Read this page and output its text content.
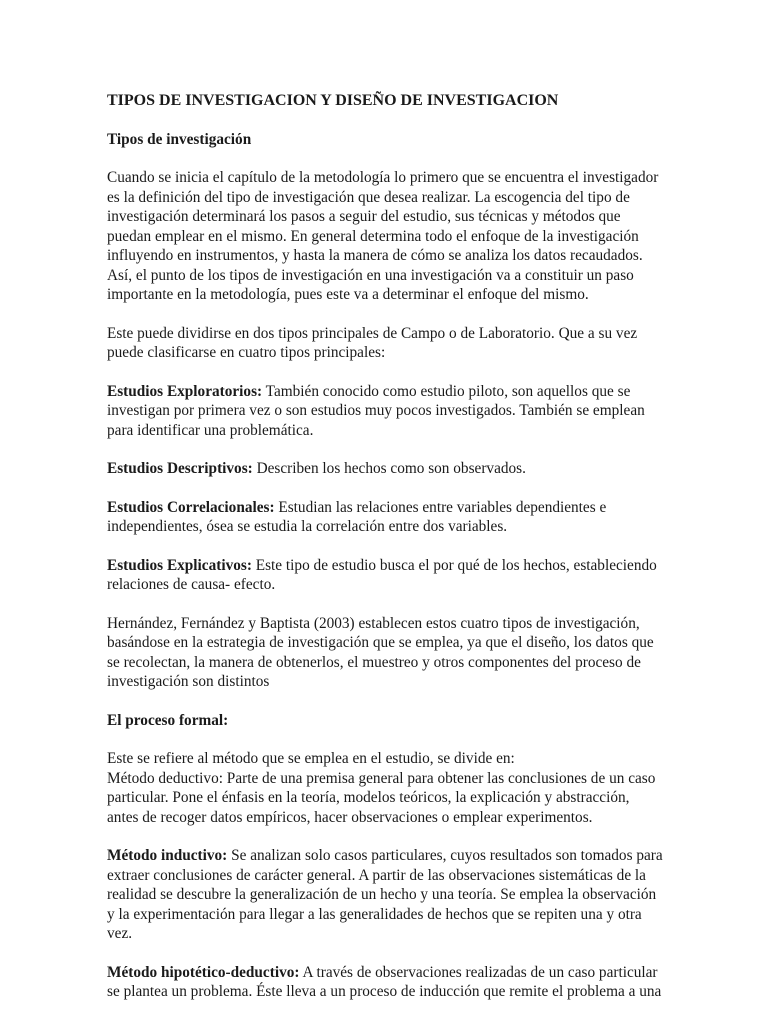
TIPOS DE INVESTIGACION Y DISEÑO DE INVESTIGACION
Tipos de investigación

Cuando se inicia el capítulo de la metodología lo primero que se encuentra el investigador es la definición del tipo de investigación que desea realizar. La escogencia del tipo de investigación determinará los pasos a seguir del estudio, sus técnicas y métodos que puedan emplear en el mismo. En general determina todo el enfoque de la investigación influyendo en instrumentos, y hasta la manera de cómo se analiza los datos recaudados. Así, el punto de los tipos de investigación en una investigación va a constituir un paso importante en la metodología, pues este va a determinar el enfoque del mismo.

Este puede dividirse en dos tipos principales de Campo o de Laboratorio. Que a su vez puede clasificarse en cuatro tipos principales:

Estudios Exploratorios: También conocido como estudio piloto, son aquellos que se investigan por primera vez o son estudios muy pocos investigados. También se emplean para identificar una problemática.

Estudios Descriptivos: Describen los hechos como son observados.

Estudios Correlacionales: Estudian las relaciones entre variables dependientes e independientes, ósea se estudia la correlación entre dos variables.

Estudios Explicativos: Este tipo de estudio busca el por qué de los hechos, estableciendo relaciones de causa- efecto.

Hernández, Fernández y Baptista (2003) establecen estos cuatro tipos de investigación, basándose en la estrategia de investigación que se emplea, ya que el diseño, los datos que se recolectan, la manera de obtenerlos, el muestreo y otros componentes del proceso de investigación son distintos

El proceso formal:

Este se refiere al método que se emplea en el estudio, se divide en:

Método deductivo: Parte de una premisa general para obtener las conclusiones de un caso particular. Pone el énfasis en la teoría, modelos teóricos, la explicación y abstracción, antes de recoger datos empíricos, hacer observaciones o emplear experimentos.

Método inductivo: Se analizan solo casos particulares, cuyos resultados son tomados para extraer conclusiones de carácter general. A partir de las observaciones sistemáticas de la realidad se descubre la generalización de un hecho y una teoría. Se emplea la observación y la experimentación para llegar a las generalidades de hechos que se repiten una y otra vez.

Método hipotético-deductivo: A través de observaciones realizadas de un caso particular se plantea un problema. Éste lleva a un proceso de inducción que remite el problema a una
